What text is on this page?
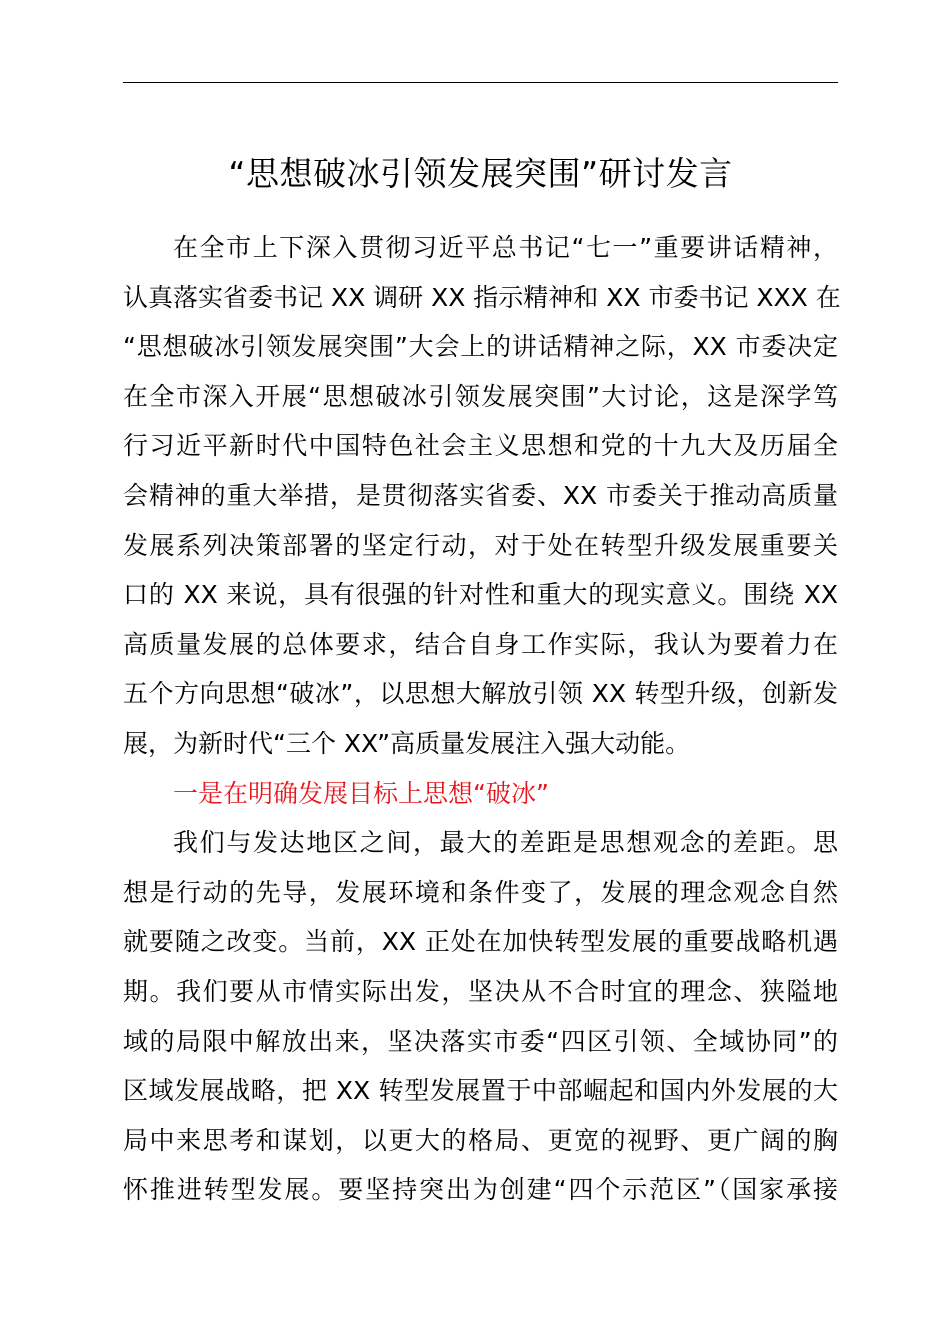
“思想破冰引领发展突围”研讨发言
在全市上下深入贯彻习近平总书记“七一”重要讲话精神，
认真落实省委书记 XX 调研 XX 指示精神和 XX 市委书记 XXX 在
“思想破冰引领发展突围”大会上的讲话精神之际，XX 市委决定
在全市深入开展“思想破冰引领发展突围”大讨论，这是深学笃
行习近平新时代中国特色社会主义思想和党的十九大及历届全
会精神的重大举措，是贯彻落实省委、XX 市委关于推动高质量
发展系列决策部署的坚定行动，对于处在转型升级发展重要关
口的 XX 来说，具有很强的针对性和重大的现实意义。围绕 XX
高质量发展的总体要求，结合自身工作实际，我认为要着力在
五个方向思想“破冰”，以思想大解放引领 XX 转型升级，创新发
展，为新时代“三个 XX”高质量发展注入强大动能。
一是在明确发展目标上思想“破冰”
我们与发达地区之间，最大的差距是思想观念的差距。思
想是行动的先导，发展环境和条件变了，发展的理念观念自然
就要随之改变。当前，XX 正处在加快转型发展的重要战略机遇
期。我们要从市情实际出发，坚决从不合时宜的理念、狭隘地
域的局限中解放出来，坚决落实市委“四区引领、全域协同”的
区域发展战略，把 XX 转型发展置于中部崛起和国内外发展的大
局中来思考和谋划，以更大的格局、更宽的视野、更广阔的胸
怀推进转型发展。要坚持突出为创建“四个示范区”（国家承接
